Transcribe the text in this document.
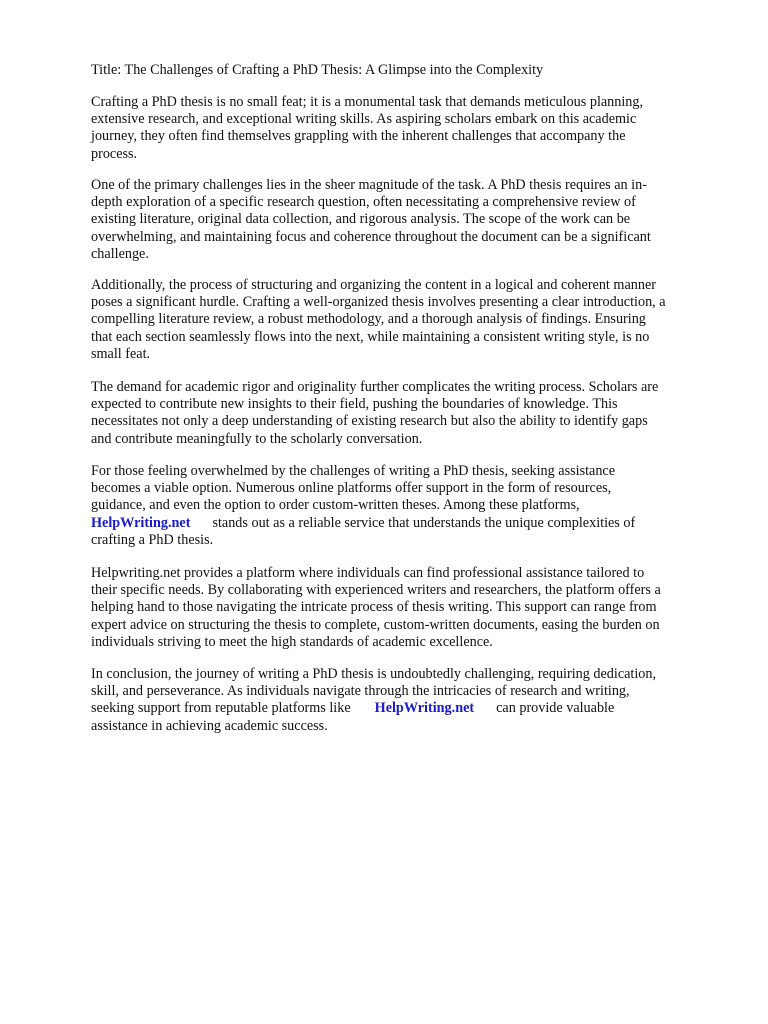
Title: The Challenges of Crafting a PhD Thesis: A Glimpse into the Complexity
Crafting a PhD thesis is no small feat; it is a monumental task that demands meticulous planning,
extensive research, and exceptional writing skills. As aspiring scholars embark on this academic
journey, they often find themselves grappling with the inherent challenges that accompany the
process.
One of the primary challenges lies in the sheer magnitude of the task. A PhD thesis requires an in-
depth exploration of a specific research question, often necessitating a comprehensive review of
existing literature, original data collection, and rigorous analysis. The scope of the work can be
overwhelming, and maintaining focus and coherence throughout the document can be a significant
challenge.
Additionally, the process of structuring and organizing the content in a logical and coherent manner
poses a significant hurdle. Crafting a well-organized thesis involves presenting a clear introduction, a
compelling literature review, a robust methodology, and a thorough analysis of findings. Ensuring
that each section seamlessly flows into the next, while maintaining a consistent writing style, is no
small feat.
The demand for academic rigor and originality further complicates the writing process. Scholars are
expected to contribute new insights to their field, pushing the boundaries of knowledge. This
necessitates not only a deep understanding of existing research but also the ability to identify gaps
and contribute meaningfully to the scholarly conversation.
For those feeling overwhelmed by the challenges of writing a PhD thesis, seeking assistance
becomes a viable option. Numerous online platforms offer support in the form of resources,
guidance, and even the option to order custom-written theses. Among these platforms,
HelpWriting.net stands out as a reliable service that understands the unique complexities of
crafting a PhD thesis.
Helpwriting.net provides a platform where individuals can find professional assistance tailored to
their specific needs. By collaborating with experienced writers and researchers, the platform offers a
helping hand to those navigating the intricate process of thesis writing. This support can range from
expert advice on structuring the thesis to complete, custom-written documents, easing the burden on
individuals striving to meet the high standards of academic excellence.
In conclusion, the journey of writing a PhD thesis is undoubtedly challenging, requiring dedication,
skill, and perseverance. As individuals navigate through the intricacies of research and writing,
seeking support from reputable platforms like HelpWriting.net can provide valuable
assistance in achieving academic success.
